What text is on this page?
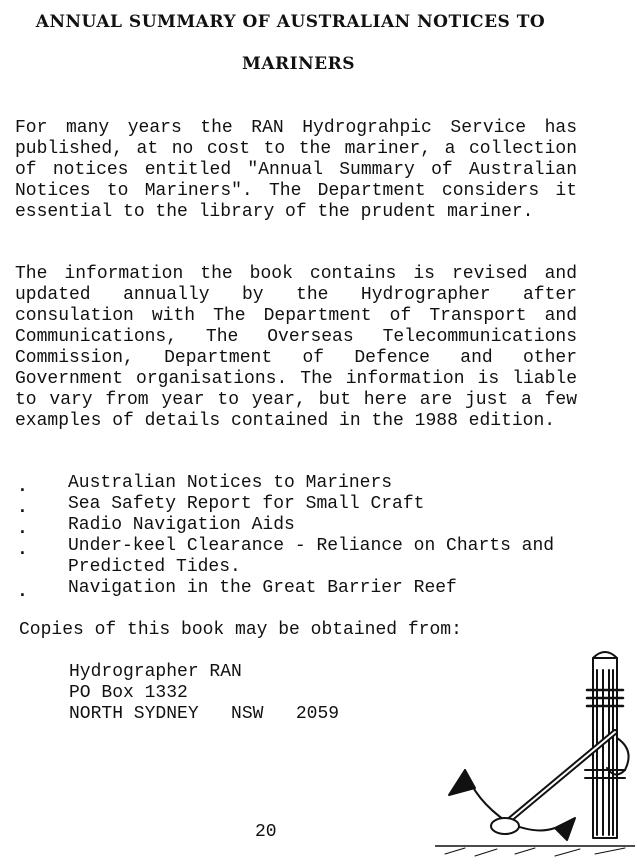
ANNUAL SUMMARY OF AUSTRALIAN NOTICES TO
MARINERS
For many years the RAN Hydrograhpic Service has published, at no cost to the mariner, a collection of notices entitled "Annual Summary of Australian Notices to Mariners". The Department considers it essential to the library of the prudent mariner.
The information the book contains is revised and updated annually by the Hydrographer after consulation with The Department of Transport and Communications, The Overseas Telecommunications Commission, Department of Defence and other Government organisations. The information is liable to vary from year to year, but here are just a few examples of details contained in the 1988 edition.
. Australian Notices to Mariners
. Sea Safety Report for Small Craft
. Radio Navigation Aids
. Under-keel Clearance - Reliance on Charts and Predicted Tides.
. Navigation in the Great Barrier Reef
Copies of this book may be obtained from:
Hydrographer RAN
PO Box 1332
NORTH SYDNEY   NSW   2059
20
